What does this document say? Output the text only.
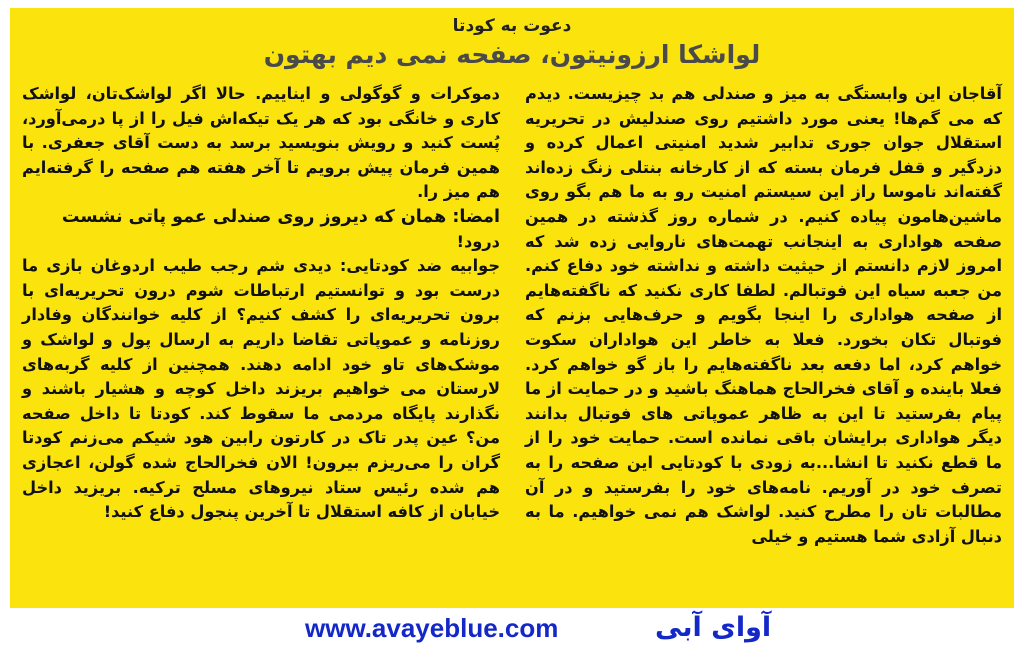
دعوت به کودتا
لواشکا ارزونیتون، صفحه نمی دیم بهتون

آقاجان این وابستگی به میز و صندلی هم بد چیزیست. دیدم که می گم‌ها! یعنی مورد داشتیم روی صندلیش در تحریریه استقلال جوان جوری تدابیر شدید امنیتی اعمال کرده و دزدگیر و قفل فرمان بسته که از کارخانه بنتلی زنگ زده‌اند گفته‌اند ناموسا راز این سیستم امنیت رو به ما هم بگو روی ماشین‌هامون پیاده کنیم. در شماره روز گذشته در همین صفحه هواداری به اینجانب تهمت‌های ناروایی زده شد که امروز لازم دانستم از حیثیت داشته و نداشته خود دفاع کنم. من جعبه سیاه این فوتبالم. لطفا کاری نکنید که ناگفته‌هایم از صفحه هواداری را اینجا بگویم و حرف‌هایی بزنم که فوتبال تکان بخورد. فعلا به خاطر این هواداران سکوت خواهم کرد، اما دفعه بعد ناگفته‌هایم را باز گو خواهم کرد. فعلا باینده و آقای فخرالحاج هماهنگ باشید و در حمایت از ما پیام بفرستید تا این به ظاهر عموپاتی های فوتبال بدانند دیگر هواداری برایشان باقی نمانده است. حمایت خود را از ما قطع نکنید تا انشا...به زودی با کودتایی این صفحه را به تصرف خود در آوریم. نامه‌های خود را بفرستید و در آن مطالبات تان را مطرح کنید. لواشک هم نمی خواهیم. ما به دنبال آزادی شما هستیم و خیلی

دموکرات و گوگولی و ایناییم. حالا اگر لواشک‌تان، لواشک کاری و خانگی بود که هر یک تیکه‌اش فیل را از پا درمی‌آورد، پُست کنید و رویش بنویسید برسد به دست آقای جعفری. با همین فرمان پیش برویم تا آخر هفته هم صفحه را گرفته‌ایم هم میز را.

امضا: همان که دیروز روی صندلی عمو پاتی نشست

درود!

جوابیه ضد کودتایی: دیدی شم رجب طیب اردوغان بازی ما درست بود و توانستیم ارتباطات شوم درون تحریریه‌ای با برون تحریریه‌ای را کشف کنیم؟ از کلیه خوانندگان وفادار روزنامه و عموپاتی تقاضا داریم به ارسال پول و لواشک و موشک‌های تاو خود ادامه دهند. همچنین از کلیه گربه‌های لارستان می خواهیم بریزند داخل کوچه و هشیار باشند و نگذارند پایگاه مردمی ما سقوط کند. کودتا تا داخل صفحه من؟ عین پدر تاک در کارتون رابین هود شیکم می‌زنم کودتا گران را می‌ریزم بیرون! الان فخرالحاج شده گولن، اعجازی هم شده رئیس ستاد نیروهای مسلح ترکیه. بریزید داخل خیابان از کافه استقلال تا آخرین پنجول دفاع کنید!

www.avayeblue.com	آوای آبی
